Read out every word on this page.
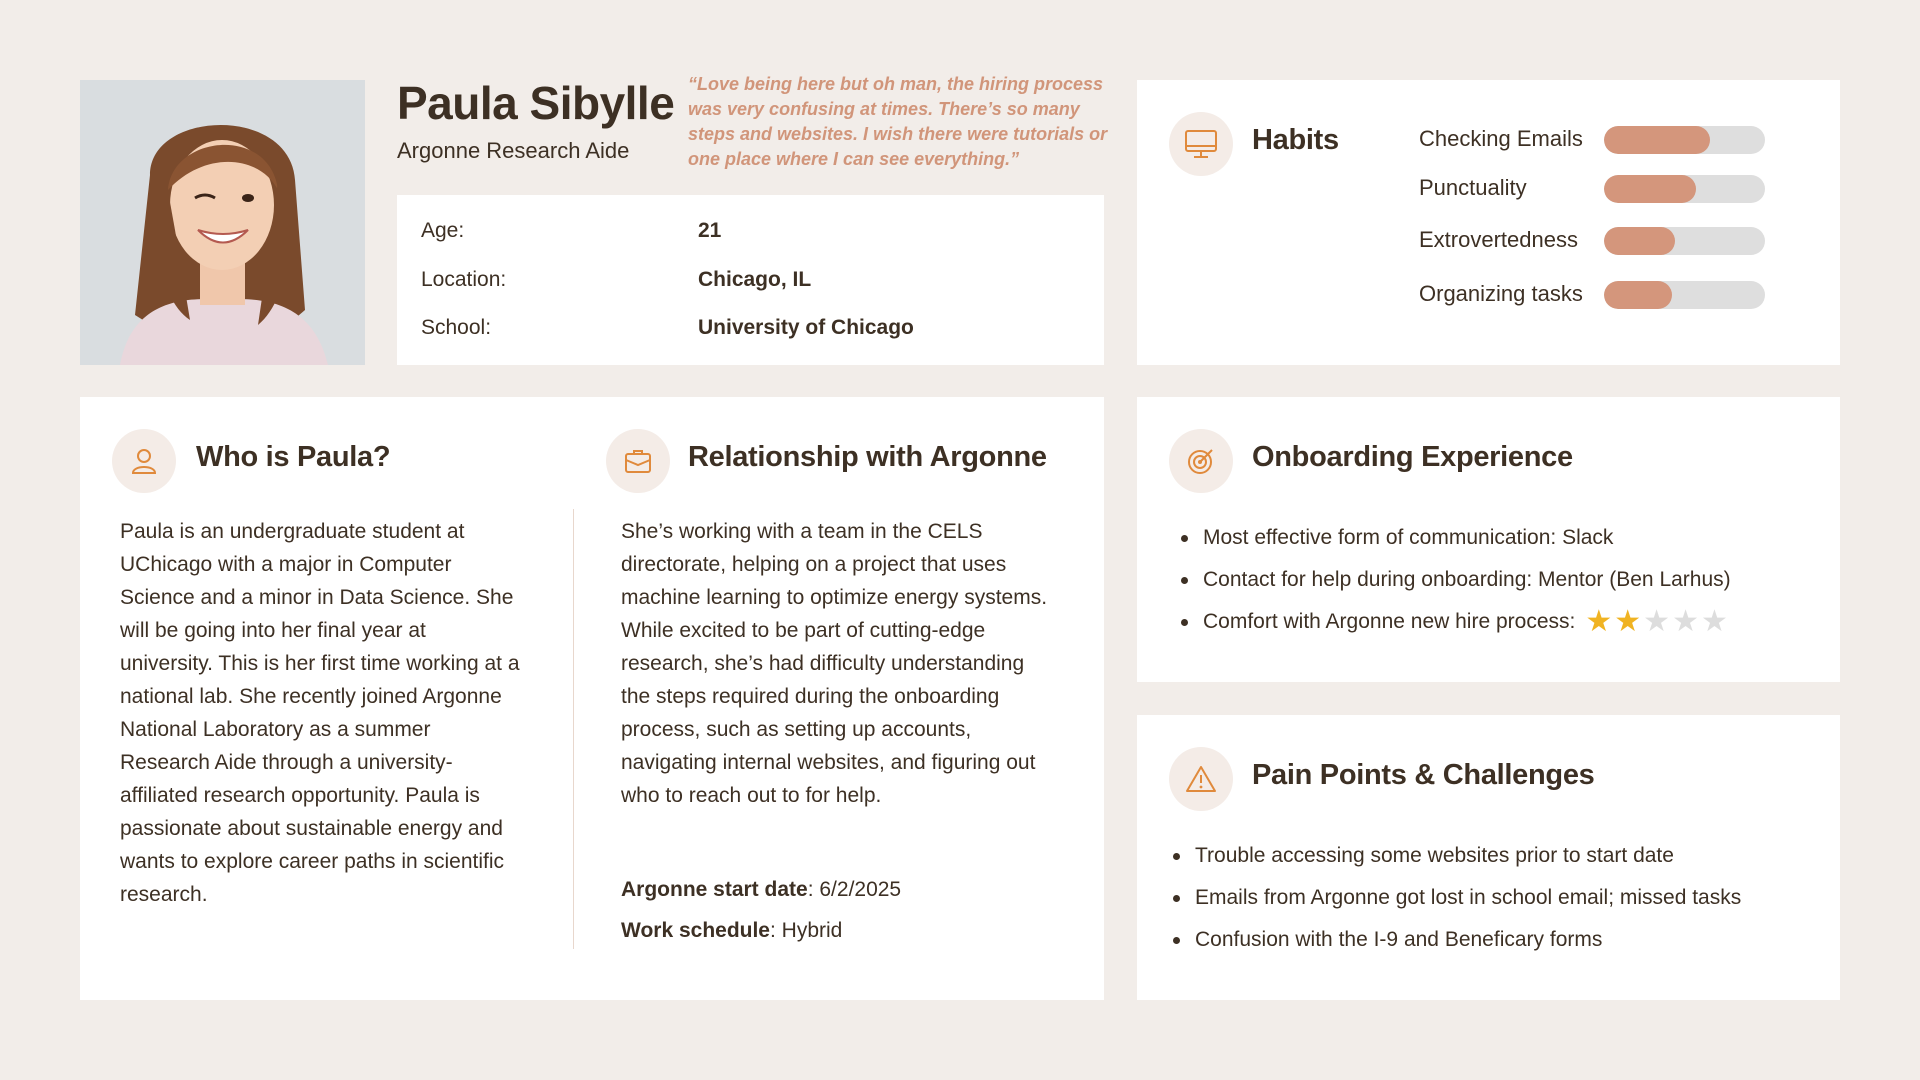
Paula Sibylle
Argonne Research Aide
“Love being here but oh man, the hiring process was very confusing at times. There’s so many steps and websites. I wish there were tutorials or one place where I can see everything.”
Age:	21
Location:	Chicago, IL
School:	University of Chicago
Habits	Checking Emails
Punctuality
Extrovertedness
Organizing tasks
Who is Paula?
Paula is an undergraduate student at UChicago with a major in Computer Science and a minor in Data Science. She will be going into her final year at university. This is her first time working at a national lab. She recently joined Argonne National Laboratory as a summer Research Aide through a university-affiliated research opportunity. Paula is passionate about sustainable energy and wants to explore career paths in scientific research.
Relationship with Argonne
She’s working with a team in the CELS directorate, helping on a project that uses machine learning to optimize energy systems. While excited to be part of cutting-edge research, she’s had difficulty understanding the steps required during the onboarding process, such as setting up accounts, navigating internal websites, and figuring out who to reach out to for help.
Argonne start date: 6/2/2025
Work schedule: Hybrid
Onboarding Experience
Most effective form of communication: Slack
Contact for help during onboarding: Mentor (Ben Larhus)
Comfort with Argonne new hire process: ★★★★★
Pain Points & Challenges
Trouble accessing some websites prior to start date
Emails from Argonne got lost in school email; missed tasks
Confusion with the I-9 and Beneficary forms
